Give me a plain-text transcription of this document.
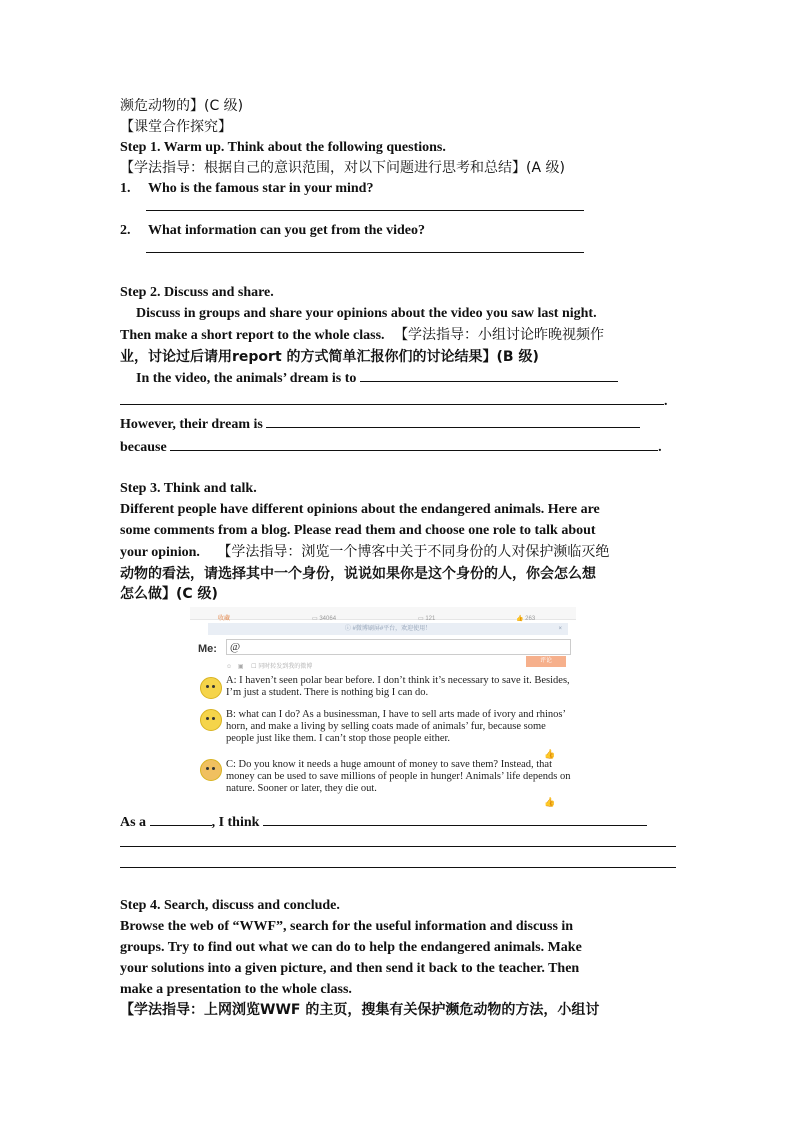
濒危动物的】(C 级)
【课堂合作探究】
Step 1. Warm up. Think about the following questions.
【学法指导：根据自己的意识范围，对以下问题进行思考和总结】(A 级)
1. Who is the famous star in your mind?
2. What information can you get from the video?
Step 2. Discuss and share.
Discuss in groups and share your opinions about the video you saw last night.
Then make a short report to the whole class. 【学法指导：小组讨论昨晚视频作
业，讨论过后请用report 的方式简单汇报你们的讨论结果】(B 级)
In the video, the animals’ dream is to
.
However, their dream is
because	.
Step 3. Think and talk.
Different people have different opinions about the endangered animals. Here are
some comments from a blog. Please read them and choose one role to talk about
your opinion. 【学法指导：浏览一个博客中关于不同身份的人对保护濒临灭绝
动物的看法，请选择其中一个身份，说说如果你是这个身份的人，你会怎么想
怎么做】(C 级)
收藏	▭ 34064	▭ 121	👍 263
ⓘ #微博刷屏#平台，欢迎使用！	×
Me:	@
☺ ▣ ☐ 同时转发到我的微博
评论
A: I haven’t seen polar bear before. I don’t think it’s necessary to save it. Besides, I’m just a student. There is nothing big I can do.
B: what can I do? As a businessman, I have to sell arts made of ivory and rhinos’ horn, and make a living by selling coats made of animals’ fur, because some people just like them. I can’t stop those people either.
👍
C: Do you know it needs a huge amount of money to save them? Instead, that money can be used to save millions of people in hunger! Animals’ life depends on nature. Sooner or later, they die out.
👍
As a	, I think
Step 4. Search, discuss and conclude.
Browse the web of “WWF”, search for the useful information and discuss in
groups. Try to find out what we can do to help the endangered animals. Make
your solutions into a given picture, and then send it back to the teacher. Then
make a presentation to the whole class.
【学法指导：上网浏览WWF 的主页，搜集有关保护濒危动物的方法，小组讨
